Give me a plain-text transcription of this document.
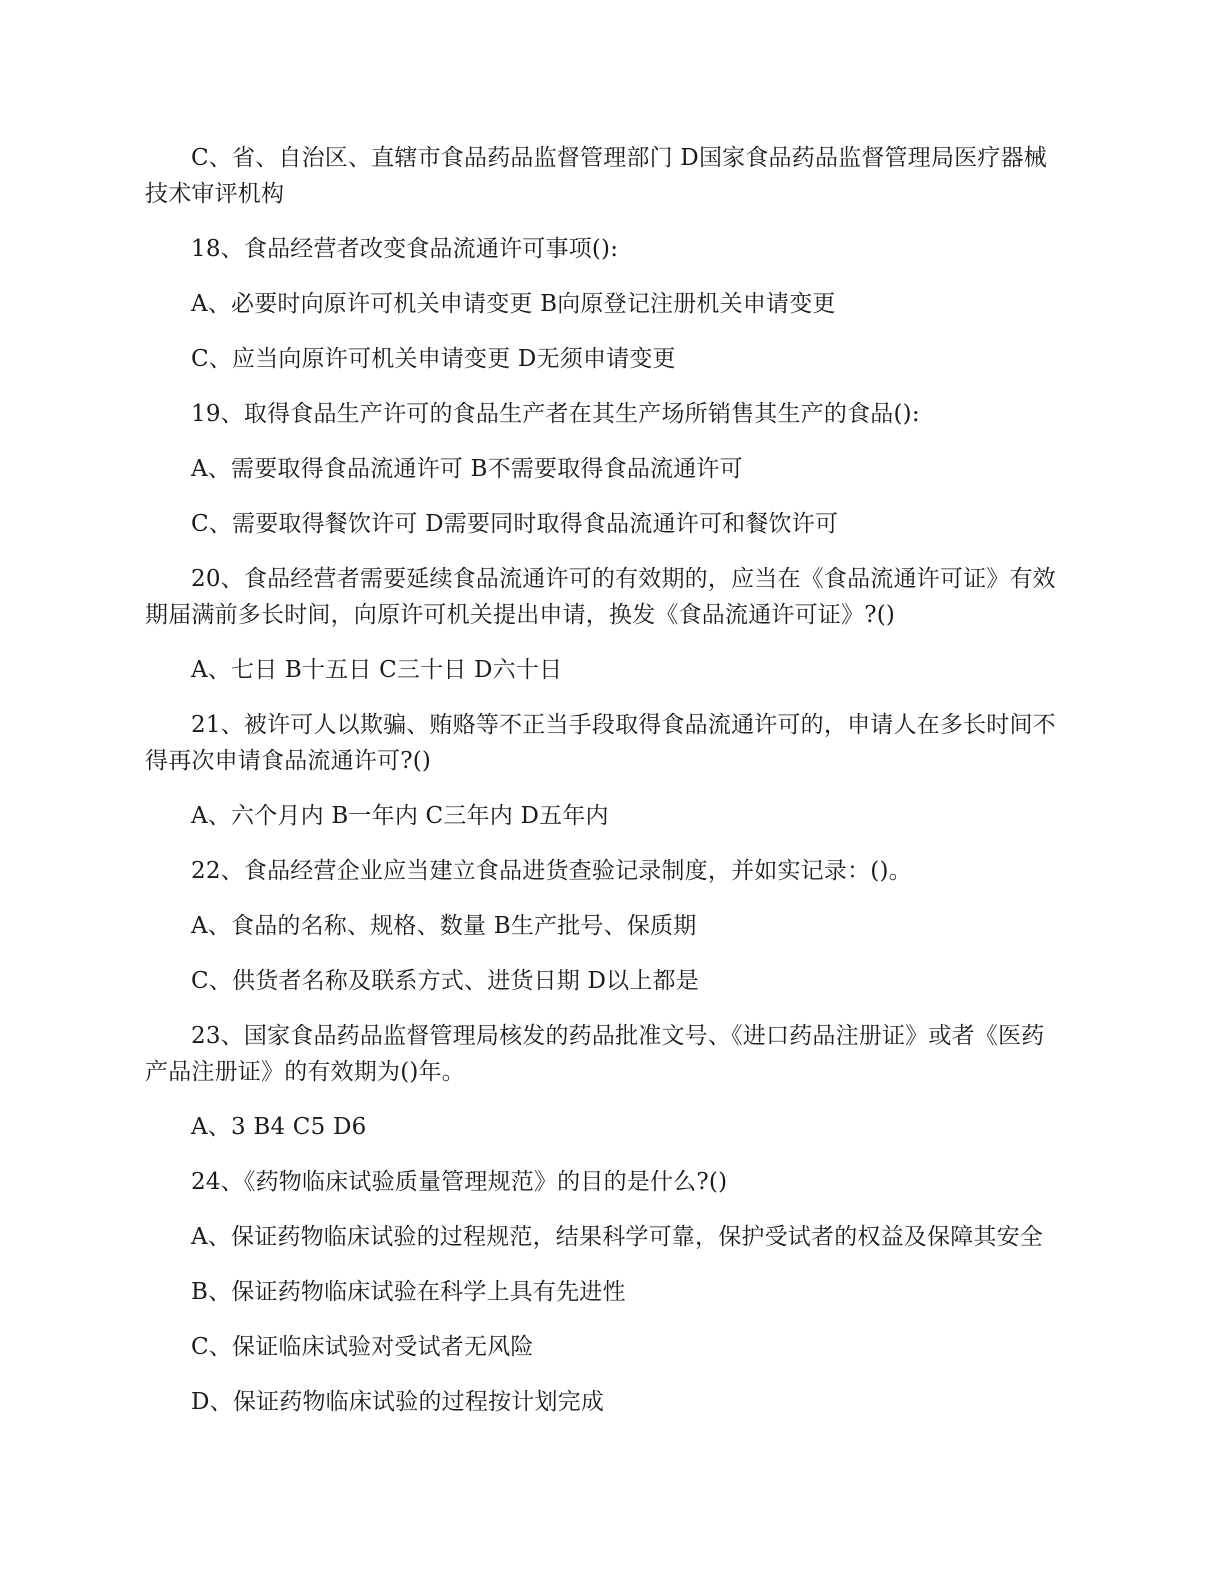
C、省、自治区、直辖市食品药品监督管理部门 D国家食品药品监督管理局医疗器械技术审评机构

18、食品经营者改变食品流通许可事项():

A、必要时向原许可机关申请变更 B向原登记注册机关申请变更

C、应当向原许可机关申请变更 D无须申请变更

19、取得食品生产许可的食品生产者在其生产场所销售其生产的食品():

A、需要取得食品流通许可 B不需要取得食品流通许可

C、需要取得餐饮许可 D需要同时取得食品流通许可和餐饮许可

20、食品经营者需要延续食品流通许可的有效期的，应当在《食品流通许可证》有效期届满前多长时间，向原许可机关提出申请，换发《食品流通许可证》?()

A、七日 B十五日 C三十日 D六十日

21、被许可人以欺骗、贿赂等不正当手段取得食品流通许可的，申请人在多长时间不得再次申请食品流通许可?()

A、六个月内 B一年内 C三年内 D五年内

22、食品经营企业应当建立食品进货查验记录制度，并如实记录：()。

A、食品的名称、规格、数量 B生产批号、保质期

C、供货者名称及联系方式、进货日期 D以上都是

23、国家食品药品监督管理局核发的药品批准文号、《进口药品注册证》或者《医药产品注册证》的有效期为()年。

A、3 B4 C5 D6

24、《药物临床试验质量管理规范》的目的是什么?()

A、保证药物临床试验的过程规范，结果科学可靠，保护受试者的权益及保障其安全

B、保证药物临床试验在科学上具有先进性

C、保证临床试验对受试者无风险

D、保证药物临床试验的过程按计划完成
